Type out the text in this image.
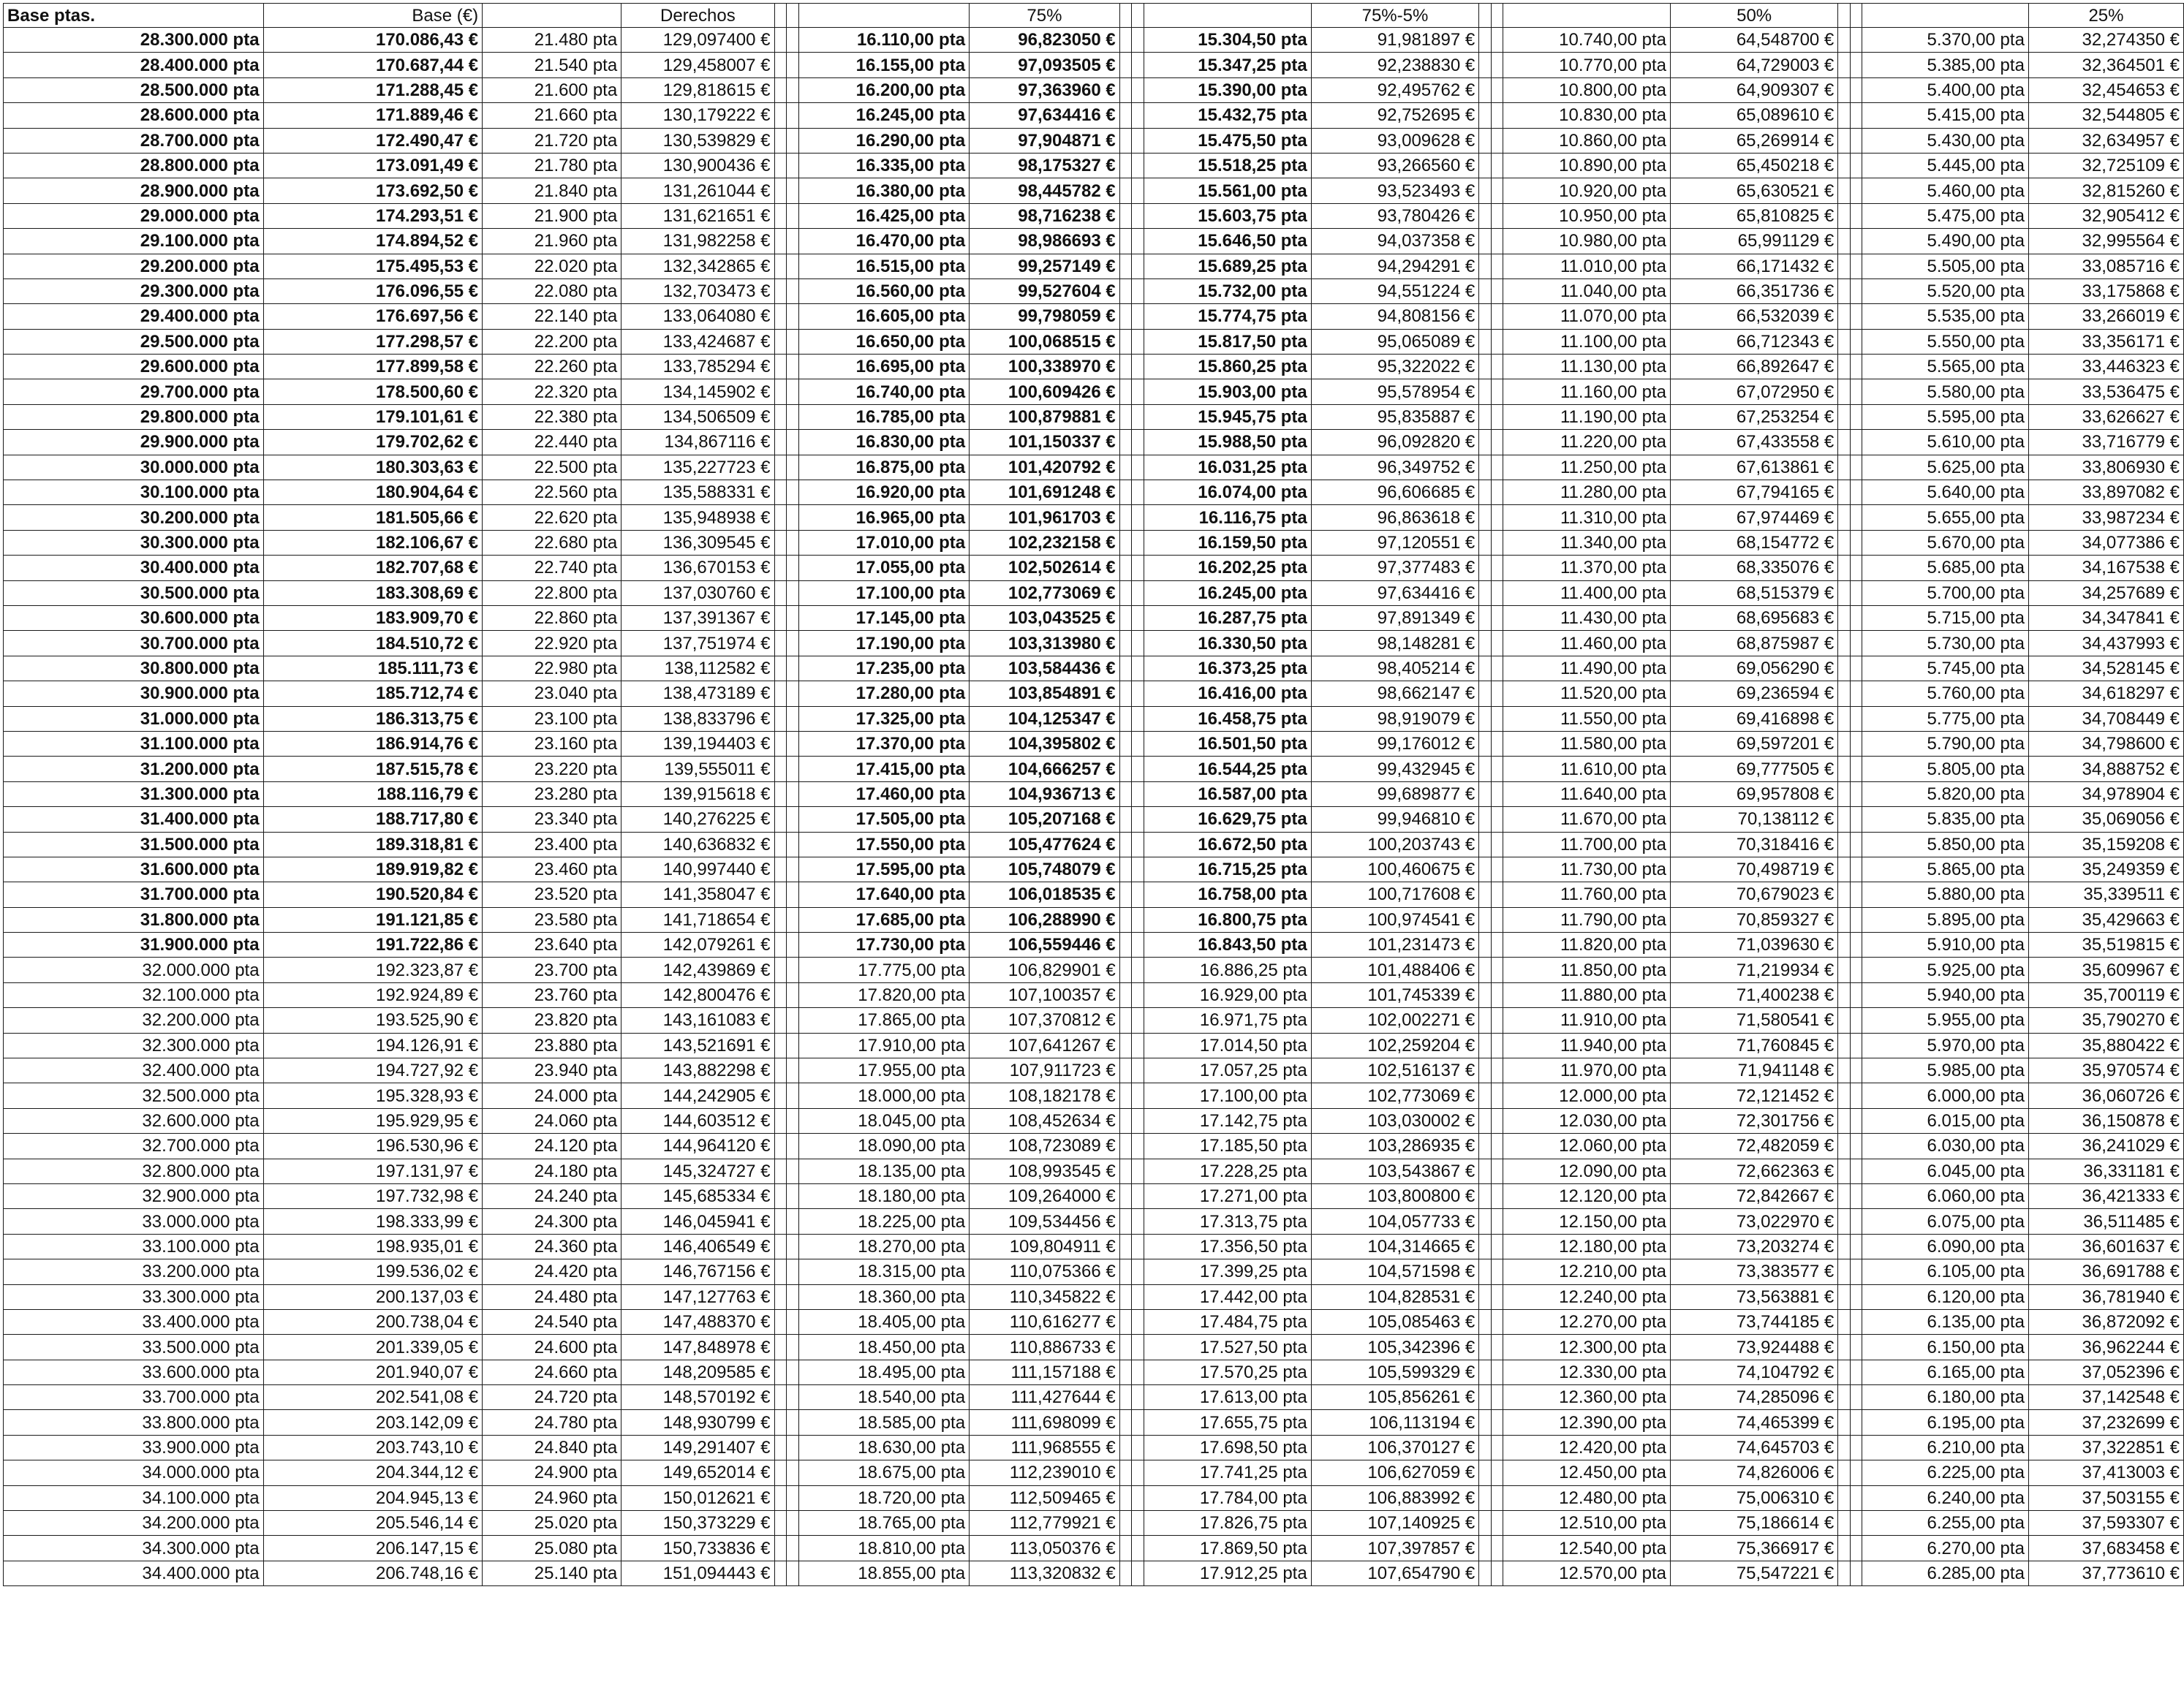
Base ptas.	Base (€)		Derechos				75%				75%-5%				50%				25%
28.300.000 pta	170.086,43 €	21.480 pta	129,097400 €			16.110,00 pta	96,823050 €			15.304,50 pta	91,981897 €			10.740,00 pta	64,548700 €			5.370,00 pta	32,274350 €
28.400.000 pta	170.687,44 €	21.540 pta	129,458007 €			16.155,00 pta	97,093505 €			15.347,25 pta	92,238830 €			10.770,00 pta	64,729003 €			5.385,00 pta	32,364501 €
28.500.000 pta	171.288,45 €	21.600 pta	129,818615 €			16.200,00 pta	97,363960 €			15.390,00 pta	92,495762 €			10.800,00 pta	64,909307 €			5.400,00 pta	32,454653 €
28.600.000 pta	171.889,46 €	21.660 pta	130,179222 €			16.245,00 pta	97,634416 €			15.432,75 pta	92,752695 €			10.830,00 pta	65,089610 €			5.415,00 pta	32,544805 €
28.700.000 pta	172.490,47 €	21.720 pta	130,539829 €			16.290,00 pta	97,904871 €			15.475,50 pta	93,009628 €			10.860,00 pta	65,269914 €			5.430,00 pta	32,634957 €
28.800.000 pta	173.091,49 €	21.780 pta	130,900436 €			16.335,00 pta	98,175327 €			15.518,25 pta	93,266560 €			10.890,00 pta	65,450218 €			5.445,00 pta	32,725109 €
28.900.000 pta	173.692,50 €	21.840 pta	131,261044 €			16.380,00 pta	98,445782 €			15.561,00 pta	93,523493 €			10.920,00 pta	65,630521 €			5.460,00 pta	32,815260 €
29.000.000 pta	174.293,51 €	21.900 pta	131,621651 €			16.425,00 pta	98,716238 €			15.603,75 pta	93,780426 €			10.950,00 pta	65,810825 €			5.475,00 pta	32,905412 €
29.100.000 pta	174.894,52 €	21.960 pta	131,982258 €			16.470,00 pta	98,986693 €			15.646,50 pta	94,037358 €			10.980,00 pta	65,991129 €			5.490,00 pta	32,995564 €
29.200.000 pta	175.495,53 €	22.020 pta	132,342865 €			16.515,00 pta	99,257149 €			15.689,25 pta	94,294291 €			11.010,00 pta	66,171432 €			5.505,00 pta	33,085716 €
29.300.000 pta	176.096,55 €	22.080 pta	132,703473 €			16.560,00 pta	99,527604 €			15.732,00 pta	94,551224 €			11.040,00 pta	66,351736 €			5.520,00 pta	33,175868 €
29.400.000 pta	176.697,56 €	22.140 pta	133,064080 €			16.605,00 pta	99,798059 €			15.774,75 pta	94,808156 €			11.070,00 pta	66,532039 €			5.535,00 pta	33,266019 €
29.500.000 pta	177.298,57 €	22.200 pta	133,424687 €			16.650,00 pta	100,068515 €			15.817,50 pta	95,065089 €			11.100,00 pta	66,712343 €			5.550,00 pta	33,356171 €
29.600.000 pta	177.899,58 €	22.260 pta	133,785294 €			16.695,00 pta	100,338970 €			15.860,25 pta	95,322022 €			11.130,00 pta	66,892647 €			5.565,00 pta	33,446323 €
29.700.000 pta	178.500,60 €	22.320 pta	134,145902 €			16.740,00 pta	100,609426 €			15.903,00 pta	95,578954 €			11.160,00 pta	67,072950 €			5.580,00 pta	33,536475 €
29.800.000 pta	179.101,61 €	22.380 pta	134,506509 €			16.785,00 pta	100,879881 €			15.945,75 pta	95,835887 €			11.190,00 pta	67,253254 €			5.595,00 pta	33,626627 €
29.900.000 pta	179.702,62 €	22.440 pta	134,867116 €			16.830,00 pta	101,150337 €			15.988,50 pta	96,092820 €			11.220,00 pta	67,433558 €			5.610,00 pta	33,716779 €
30.000.000 pta	180.303,63 €	22.500 pta	135,227723 €			16.875,00 pta	101,420792 €			16.031,25 pta	96,349752 €			11.250,00 pta	67,613861 €			5.625,00 pta	33,806930 €
30.100.000 pta	180.904,64 €	22.560 pta	135,588331 €			16.920,00 pta	101,691248 €			16.074,00 pta	96,606685 €			11.280,00 pta	67,794165 €			5.640,00 pta	33,897082 €
30.200.000 pta	181.505,66 €	22.620 pta	135,948938 €			16.965,00 pta	101,961703 €			16.116,75 pta	96,863618 €			11.310,00 pta	67,974469 €			5.655,00 pta	33,987234 €
30.300.000 pta	182.106,67 €	22.680 pta	136,309545 €			17.010,00 pta	102,232158 €			16.159,50 pta	97,120551 €			11.340,00 pta	68,154772 €			5.670,00 pta	34,077386 €
30.400.000 pta	182.707,68 €	22.740 pta	136,670153 €			17.055,00 pta	102,502614 €			16.202,25 pta	97,377483 €			11.370,00 pta	68,335076 €			5.685,00 pta	34,167538 €
30.500.000 pta	183.308,69 €	22.800 pta	137,030760 €			17.100,00 pta	102,773069 €			16.245,00 pta	97,634416 €			11.400,00 pta	68,515379 €			5.700,00 pta	34,257689 €
30.600.000 pta	183.909,70 €	22.860 pta	137,391367 €			17.145,00 pta	103,043525 €			16.287,75 pta	97,891349 €			11.430,00 pta	68,695683 €			5.715,00 pta	34,347841 €
30.700.000 pta	184.510,72 €	22.920 pta	137,751974 €			17.190,00 pta	103,313980 €			16.330,50 pta	98,148281 €			11.460,00 pta	68,875987 €			5.730,00 pta	34,437993 €
30.800.000 pta	185.111,73 €	22.980 pta	138,112582 €			17.235,00 pta	103,584436 €			16.373,25 pta	98,405214 €			11.490,00 pta	69,056290 €			5.745,00 pta	34,528145 €
30.900.000 pta	185.712,74 €	23.040 pta	138,473189 €			17.280,00 pta	103,854891 €			16.416,00 pta	98,662147 €			11.520,00 pta	69,236594 €			5.760,00 pta	34,618297 €
31.000.000 pta	186.313,75 €	23.100 pta	138,833796 €			17.325,00 pta	104,125347 €			16.458,75 pta	98,919079 €			11.550,00 pta	69,416898 €			5.775,00 pta	34,708449 €
31.100.000 pta	186.914,76 €	23.160 pta	139,194403 €			17.370,00 pta	104,395802 €			16.501,50 pta	99,176012 €			11.580,00 pta	69,597201 €			5.790,00 pta	34,798600 €
31.200.000 pta	187.515,78 €	23.220 pta	139,555011 €			17.415,00 pta	104,666257 €			16.544,25 pta	99,432945 €			11.610,00 pta	69,777505 €			5.805,00 pta	34,888752 €
31.300.000 pta	188.116,79 €	23.280 pta	139,915618 €			17.460,00 pta	104,936713 €			16.587,00 pta	99,689877 €			11.640,00 pta	69,957808 €			5.820,00 pta	34,978904 €
31.400.000 pta	188.717,80 €	23.340 pta	140,276225 €			17.505,00 pta	105,207168 €			16.629,75 pta	99,946810 €			11.670,00 pta	70,138112 €			5.835,00 pta	35,069056 €
31.500.000 pta	189.318,81 €	23.400 pta	140,636832 €			17.550,00 pta	105,477624 €			16.672,50 pta	100,203743 €			11.700,00 pta	70,318416 €			5.850,00 pta	35,159208 €
31.600.000 pta	189.919,82 €	23.460 pta	140,997440 €			17.595,00 pta	105,748079 €			16.715,25 pta	100,460675 €			11.730,00 pta	70,498719 €			5.865,00 pta	35,249359 €
31.700.000 pta	190.520,84 €	23.520 pta	141,358047 €			17.640,00 pta	106,018535 €			16.758,00 pta	100,717608 €			11.760,00 pta	70,679023 €			5.880,00 pta	35,339511 €
31.800.000 pta	191.121,85 €	23.580 pta	141,718654 €			17.685,00 pta	106,288990 €			16.800,75 pta	100,974541 €			11.790,00 pta	70,859327 €			5.895,00 pta	35,429663 €
31.900.000 pta	191.722,86 €	23.640 pta	142,079261 €			17.730,00 pta	106,559446 €			16.843,50 pta	101,231473 €			11.820,00 pta	71,039630 €			5.910,00 pta	35,519815 €
32.000.000 pta	192.323,87 €	23.700 pta	142,439869 €			17.775,00 pta	106,829901 €			16.886,25 pta	101,488406 €			11.850,00 pta	71,219934 €			5.925,00 pta	35,609967 €
32.100.000 pta	192.924,89 €	23.760 pta	142,800476 €			17.820,00 pta	107,100357 €			16.929,00 pta	101,745339 €			11.880,00 pta	71,400238 €			5.940,00 pta	35,700119 €
32.200.000 pta	193.525,90 €	23.820 pta	143,161083 €			17.865,00 pta	107,370812 €			16.971,75 pta	102,002271 €			11.910,00 pta	71,580541 €			5.955,00 pta	35,790270 €
32.300.000 pta	194.126,91 €	23.880 pta	143,521691 €			17.910,00 pta	107,641267 €			17.014,50 pta	102,259204 €			11.940,00 pta	71,760845 €			5.970,00 pta	35,880422 €
32.400.000 pta	194.727,92 €	23.940 pta	143,882298 €			17.955,00 pta	107,911723 €			17.057,25 pta	102,516137 €			11.970,00 pta	71,941148 €			5.985,00 pta	35,970574 €
32.500.000 pta	195.328,93 €	24.000 pta	144,242905 €			18.000,00 pta	108,182178 €			17.100,00 pta	102,773069 €			12.000,00 pta	72,121452 €			6.000,00 pta	36,060726 €
32.600.000 pta	195.929,95 €	24.060 pta	144,603512 €			18.045,00 pta	108,452634 €			17.142,75 pta	103,030002 €			12.030,00 pta	72,301756 €			6.015,00 pta	36,150878 €
32.700.000 pta	196.530,96 €	24.120 pta	144,964120 €			18.090,00 pta	108,723089 €			17.185,50 pta	103,286935 €			12.060,00 pta	72,482059 €			6.030,00 pta	36,241029 €
32.800.000 pta	197.131,97 €	24.180 pta	145,324727 €			18.135,00 pta	108,993545 €			17.228,25 pta	103,543867 €			12.090,00 pta	72,662363 €			6.045,00 pta	36,331181 €
32.900.000 pta	197.732,98 €	24.240 pta	145,685334 €			18.180,00 pta	109,264000 €			17.271,00 pta	103,800800 €			12.120,00 pta	72,842667 €			6.060,00 pta	36,421333 €
33.000.000 pta	198.333,99 €	24.300 pta	146,045941 €			18.225,00 pta	109,534456 €			17.313,75 pta	104,057733 €			12.150,00 pta	73,022970 €			6.075,00 pta	36,511485 €
33.100.000 pta	198.935,01 €	24.360 pta	146,406549 €			18.270,00 pta	109,804911 €			17.356,50 pta	104,314665 €			12.180,00 pta	73,203274 €			6.090,00 pta	36,601637 €
33.200.000 pta	199.536,02 €	24.420 pta	146,767156 €			18.315,00 pta	110,075366 €			17.399,25 pta	104,571598 €			12.210,00 pta	73,383577 €			6.105,00 pta	36,691788 €
33.300.000 pta	200.137,03 €	24.480 pta	147,127763 €			18.360,00 pta	110,345822 €			17.442,00 pta	104,828531 €			12.240,00 pta	73,563881 €			6.120,00 pta	36,781940 €
33.400.000 pta	200.738,04 €	24.540 pta	147,488370 €			18.405,00 pta	110,616277 €			17.484,75 pta	105,085463 €			12.270,00 pta	73,744185 €			6.135,00 pta	36,872092 €
33.500.000 pta	201.339,05 €	24.600 pta	147,848978 €			18.450,00 pta	110,886733 €			17.527,50 pta	105,342396 €			12.300,00 pta	73,924488 €			6.150,00 pta	36,962244 €
33.600.000 pta	201.940,07 €	24.660 pta	148,209585 €			18.495,00 pta	111,157188 €			17.570,25 pta	105,599329 €			12.330,00 pta	74,104792 €			6.165,00 pta	37,052396 €
33.700.000 pta	202.541,08 €	24.720 pta	148,570192 €			18.540,00 pta	111,427644 €			17.613,00 pta	105,856261 €			12.360,00 pta	74,285096 €			6.180,00 pta	37,142548 €
33.800.000 pta	203.142,09 €	24.780 pta	148,930799 €			18.585,00 pta	111,698099 €			17.655,75 pta	106,113194 €			12.390,00 pta	74,465399 €			6.195,00 pta	37,232699 €
33.900.000 pta	203.743,10 €	24.840 pta	149,291407 €			18.630,00 pta	111,968555 €			17.698,50 pta	106,370127 €			12.420,00 pta	74,645703 €			6.210,00 pta	37,322851 €
34.000.000 pta	204.344,12 €	24.900 pta	149,652014 €			18.675,00 pta	112,239010 €			17.741,25 pta	106,627059 €			12.450,00 pta	74,826006 €			6.225,00 pta	37,413003 €
34.100.000 pta	204.945,13 €	24.960 pta	150,012621 €			18.720,00 pta	112,509465 €			17.784,00 pta	106,883992 €			12.480,00 pta	75,006310 €			6.240,00 pta	37,503155 €
34.200.000 pta	205.546,14 €	25.020 pta	150,373229 €			18.765,00 pta	112,779921 €			17.826,75 pta	107,140925 €			12.510,00 pta	75,186614 €			6.255,00 pta	37,593307 €
34.300.000 pta	206.147,15 €	25.080 pta	150,733836 €			18.810,00 pta	113,050376 €			17.869,50 pta	107,397857 €			12.540,00 pta	75,366917 €			6.270,00 pta	37,683458 €
34.400.000 pta	206.748,16 €	25.140 pta	151,094443 €			18.855,00 pta	113,320832 €			17.912,25 pta	107,654790 €			12.570,00 pta	75,547221 €			6.285,00 pta	37,773610 €
